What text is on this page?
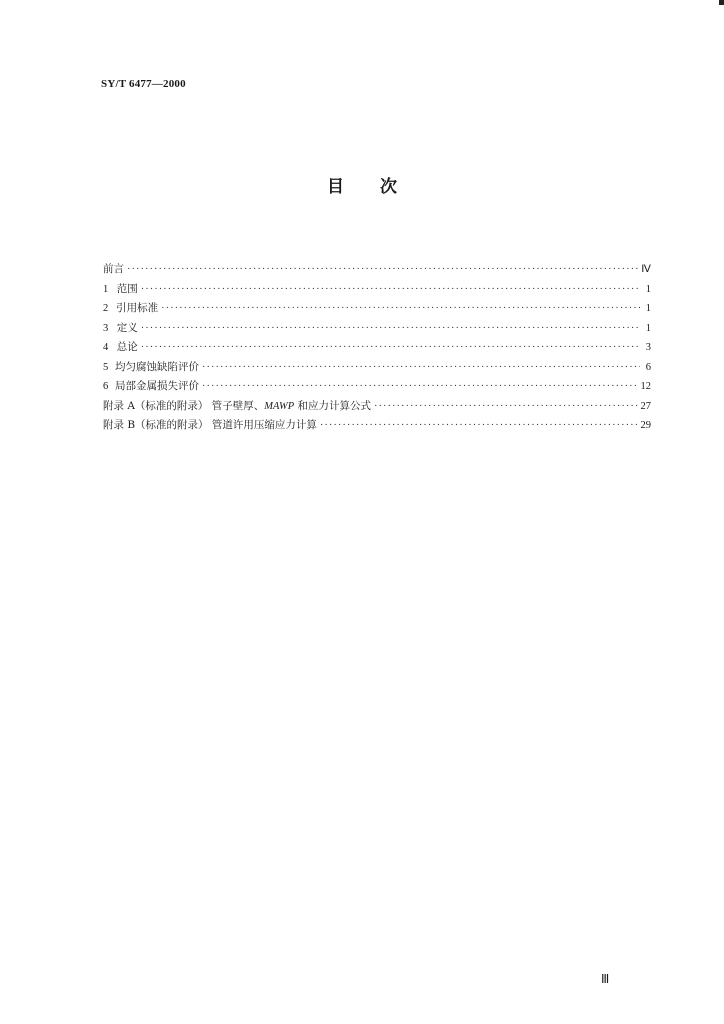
SY/T 6477—2000
目 次
前言 ·····	Ⅳ
1 范围 ·····	1
2 引用标准 ·····	1
3 定义 ·····	1
4 总论 ·····	3
5 均匀腐蚀缺陷评价 ·····	6
6 局部金属损失评价 ·····	12
附录 A（标准的附录） 管子壁厚、MAWP 和应力计算公式 ·····	27
附录 B（标准的附录） 管道许用压缩应力计算 ·····	29
Ⅲ
